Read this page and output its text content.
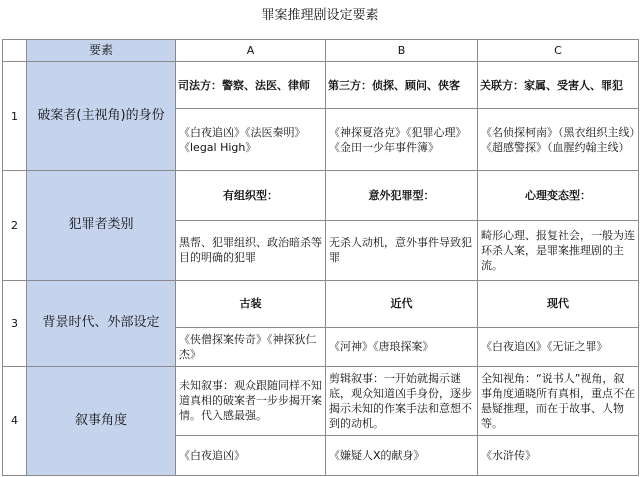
罪案推理剧设定要素
	要素	A	B	C
1	破案者(主视角)的身份	司法方：警察、法医、律师	第三方：侦探、顾问、侠客	关联方：家属、受害人、罪犯
		《白夜追凶》《法医秦明》《legal High》	《神探夏洛克》《犯罪心理》《金田一少年事件簿》	《名侦探柯南》（黑衣组织主线）《超感警探》（血腥约翰主线）
2	犯罪者类别	有组织型：	意外犯罪型：	心理变态型：
		黑帮、犯罪组织、政治暗杀等目的明确的犯罪	无杀人动机，意外事件导致犯罪	畸形心理、报复社会，一般为连环杀人案，是罪案推理剧的主流。
3	背景时代、外部设定	古装	近代	现代
		《侠僧探案传奇》《神探狄仁杰》	《河神》《唐琅探案》	《白夜追凶》《无证之罪》
4	叙事角度	未知叙事：观众跟随同样不知道真相的破案者一步步揭开案情。代入感最强。	剪辑叙事：一开始就揭示谜底，观众知道凶手身份，逐步揭示未知的作案手法和意想不到的动机。	全知视角：“说书人”视角，叙事角度通晓所有真相，重点不在悬疑推理，而在于故事、人物等。
		《白夜追凶》	《嫌疑人X的献身》	《水浒传》
